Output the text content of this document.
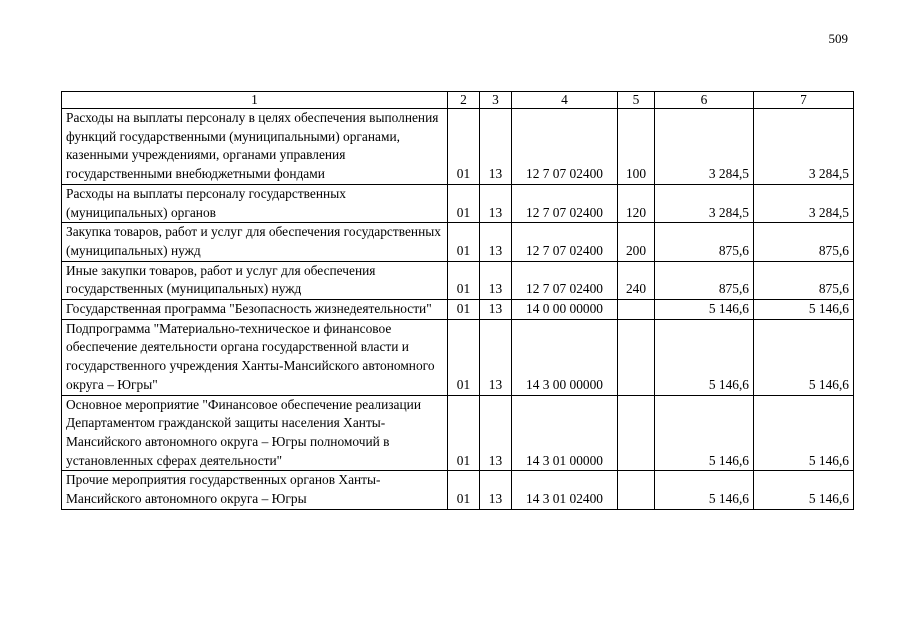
509
1	2	3	4	5	6	7
Расходы на выплаты персоналу в целях обеспечения выполнения функций государственными (муниципальными) органами, казенными учреждениями, органами управления государственными внебюджетными фондами	01	13	12 7 07 02400	100	3 284,5	3 284,5
Расходы на выплаты персоналу государственных (муниципальных) органов	01	13	12 7 07 02400	120	3 284,5	3 284,5
Закупка товаров, работ и услуг для обеспечения государственных (муниципальных) нужд	01	13	12 7 07 02400	200	875,6	875,6
Иные закупки товаров, работ и услуг для обеспечения государственных (муниципальных) нужд	01	13	12 7 07 02400	240	875,6	875,6
Государственная программа "Безопасность жизнедеятельности"	01	13	14 0 00 00000		5 146,6	5 146,6
Подпрограмма "Материально-техническое и финансовое обеспечение деятельности органа государственной власти и государственного учреждения Ханты-Мансийского автономного округа – Югры"	01	13	14 3 00 00000		5 146,6	5 146,6
Основное мероприятие "Финансовое обеспечение реализации Департаментом гражданской защиты населения Ханты-Мансийского автономного округа – Югры полномочий в установленных сферах деятельности"	01	13	14 3 01 00000		5 146,6	5 146,6
Прочие мероприятия государственных органов Ханты-Мансийского автономного округа – Югры	01	13	14 3 01 02400		5 146,6	5 146,6
